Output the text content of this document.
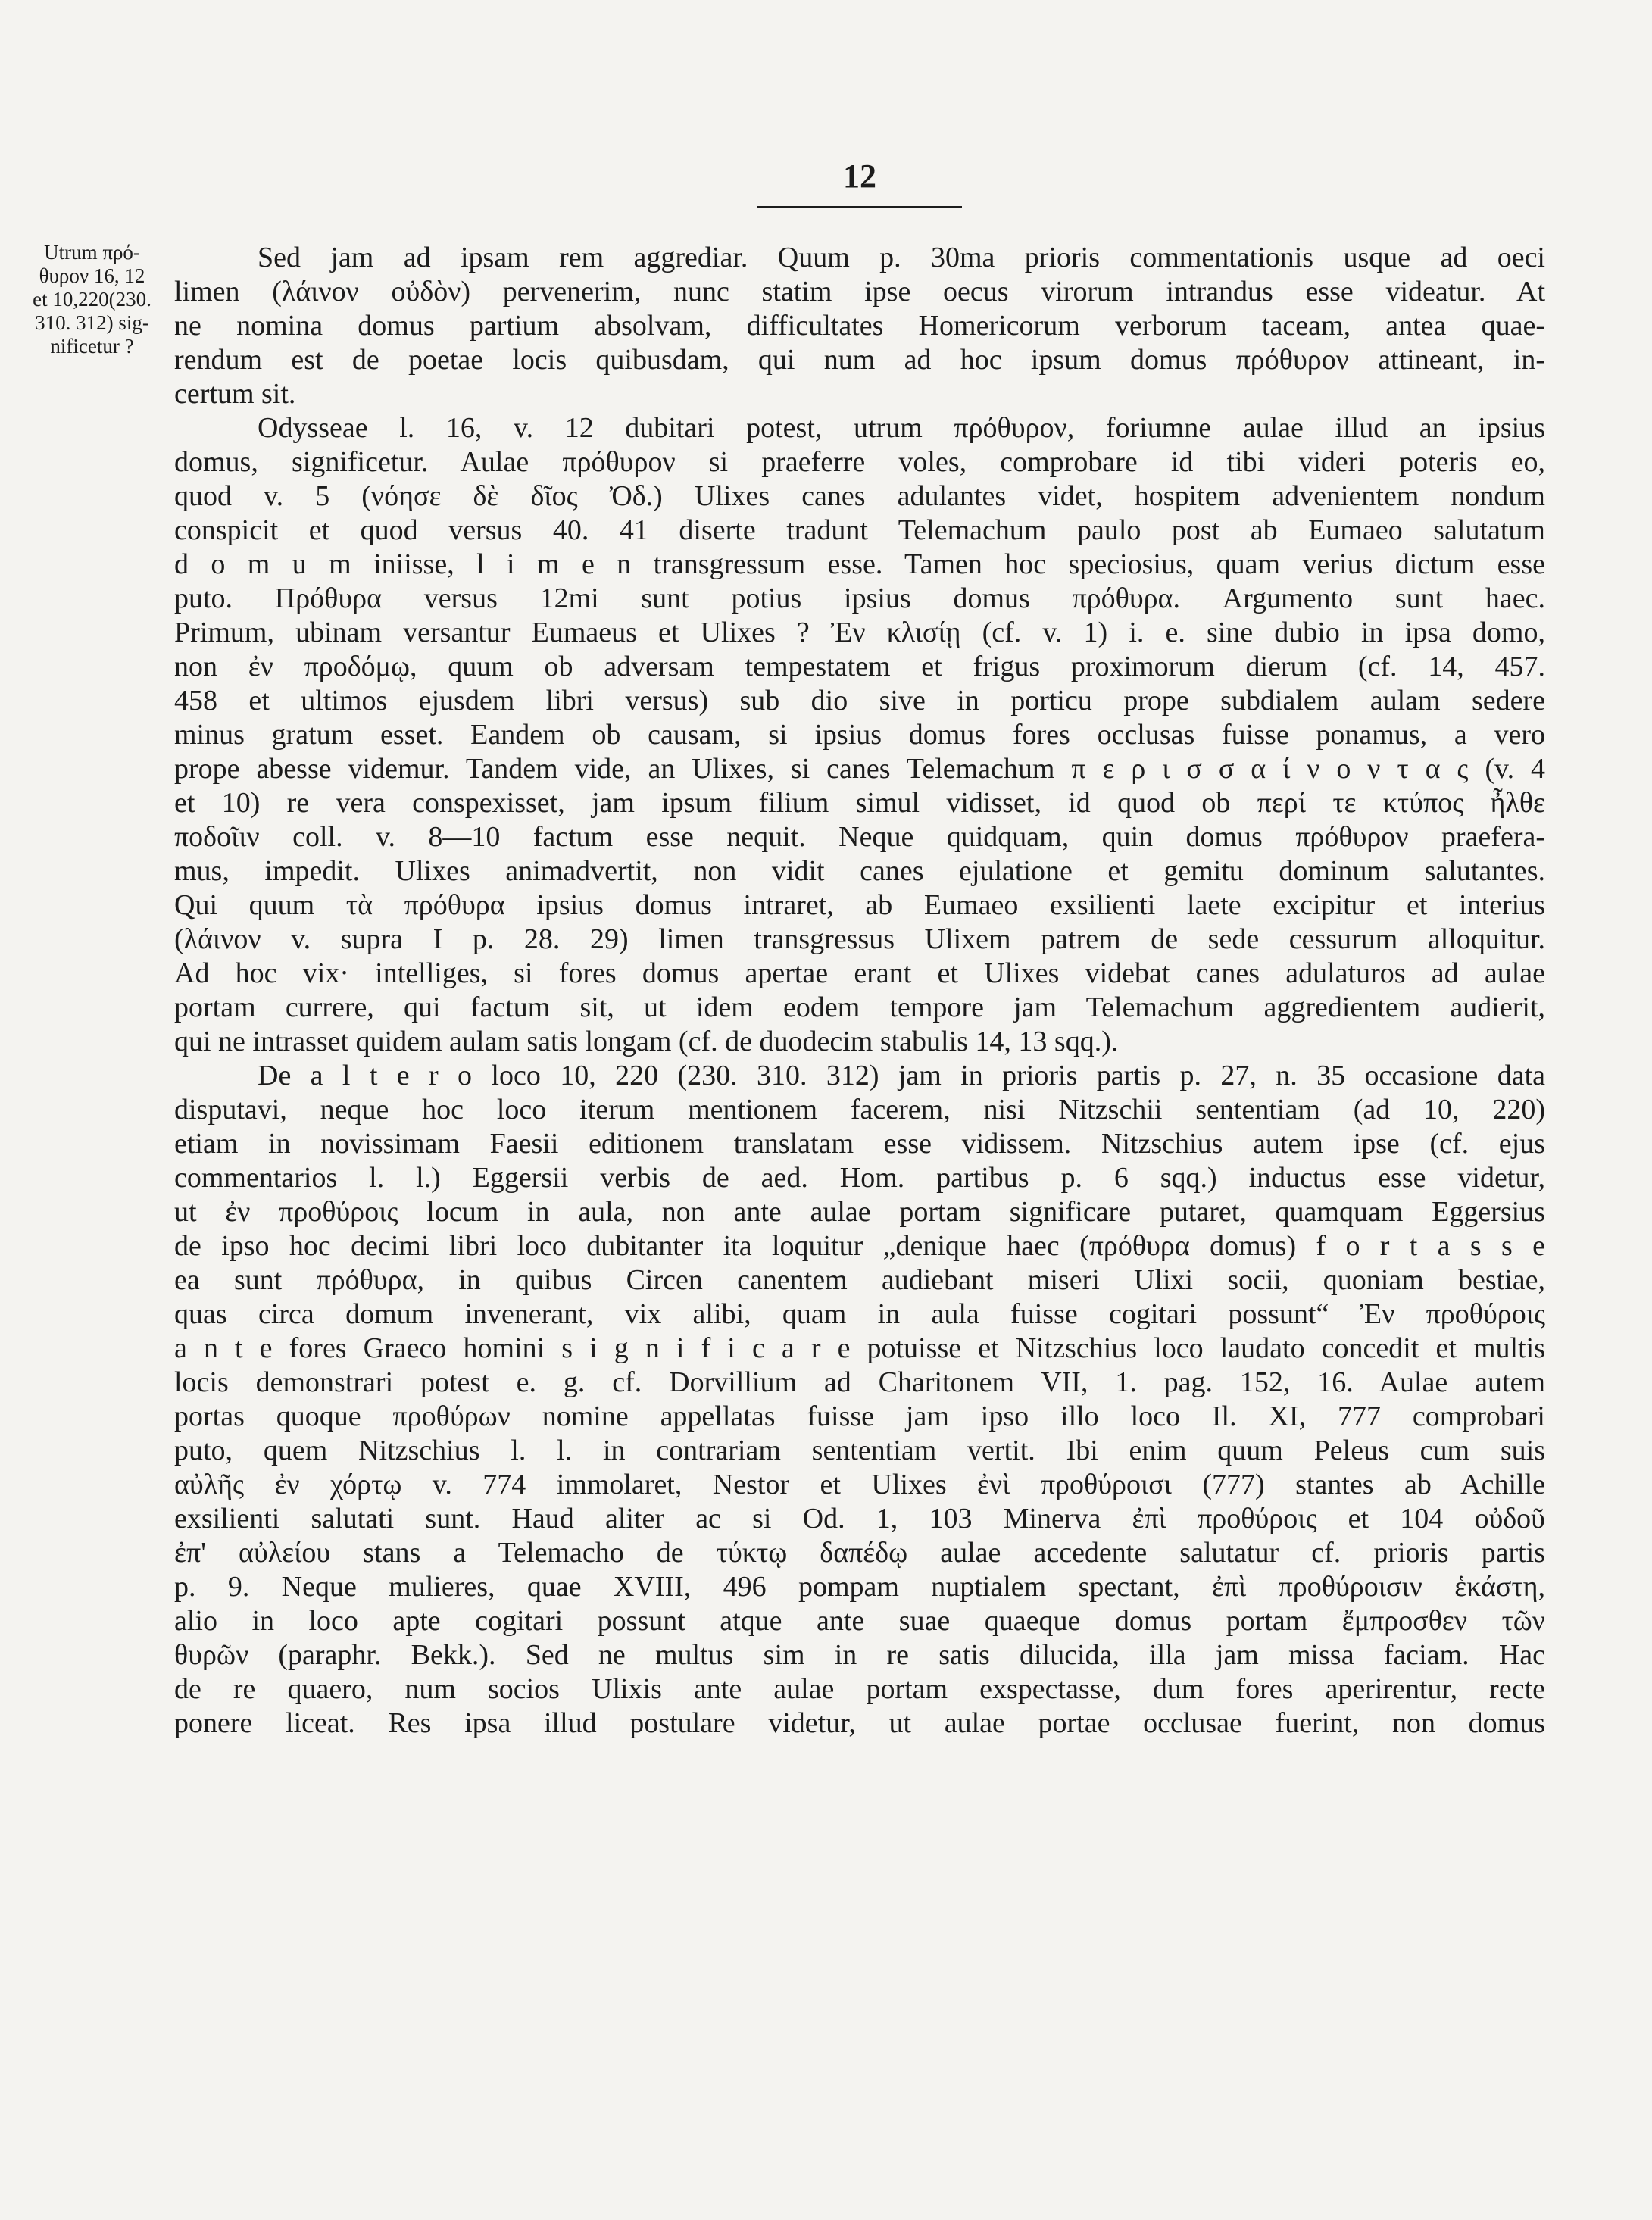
12
Utrum πρό-
θυρον 16, 12
et 10,220(230.
310. 312) sig-
nificetur ?
Sed jam ad ipsam rem aggrediar. Quum p. 30ma prioris commentationis usque ad oeci
limen (λάινον οὐδὸν) pervenerim, nunc statim ipse oecus virorum intrandus esse videatur. At
ne nomina domus partium absolvam, difficultates Homericorum verborum taceam, antea quae-
rendum est de poetae locis quibusdam, qui num ad hoc ipsum domus πρόθυρον attineant, in-
certum sit.
Odysseae l. 16, v. 12 dubitari potest, utrum πρόθυρον, foriumne aulae illud an ipsius
domus, significetur. Aulae πρόθυρον si praeferre voles, comprobare id tibi videri poteris eo,
quod v. 5 (νόησε δὲ δῖος Ὀδ.) Ulixes canes adulantes videt, hospitem advenientem nondum
conspicit et quod versus 40. 41 diserte tradunt Telemachum paulo post ab Eumaeo salutatum
d o m u m iniisse, l i m e n transgressum esse. Tamen hoc speciosius, quam verius dictum esse
puto. Πρόθυρα versus 12mi sunt potius ipsius domus πρόθυρα. Argumento sunt haec.
Primum, ubinam versantur Eumaeus et Ulixes ? Ἐν κλισίῃ (cf. v. 1) i. e. sine dubio in ipsa domo,
non ἐν προδόμῳ, quum ob adversam tempestatem et frigus proximorum dierum (cf. 14, 457.
458 et ultimos ejusdem libri versus) sub dio sive in porticu prope subdialem aulam sedere
minus gratum esset. Eandem ob causam, si ipsius domus fores occlusas fuisse ponamus, a vero
prope abesse videmur. Tandem vide, an Ulixes, si canes Telemachum π ε ρ ι σ σ α ί ν ο ν τ α ς (v. 4
et 10) re vera conspexisset, jam ipsum filium simul vidisset, id quod ob περί τε κτύπος ἦλθε
ποδοῖιν coll. v. 8—10 factum esse nequit. Neque quidquam, quin domus πρόθυρον praefera-
mus, impedit. Ulixes animadvertit, non vidit canes ejulatione et gemitu dominum salutantes.
Qui quum τὰ πρόθυρα ipsius domus intraret, ab Eumaeo exsilienti laete excipitur et interius
(λάινον v. supra I p. 28. 29) limen transgressus Ulixem patrem de sede cessurum alloquitur.
Ad hoc vix· intelliges, si fores domus apertae erant et Ulixes videbat canes adulaturos ad aulae
portam currere, qui factum sit, ut idem eodem tempore jam Telemachum aggredientem audierit,
qui ne intrasset quidem aulam satis longam (cf. de duodecim stabulis 14, 13 sqq.).
De a l t e r o loco 10, 220 (230. 310. 312) jam in prioris partis p. 27, n. 35 occasione data
disputavi, neque hoc loco iterum mentionem facerem, nisi Nitzschii sententiam (ad 10, 220)
etiam in novissimam Faesii editionem translatam esse vidissem. Nitzschius autem ipse (cf. ejus
commentarios l. l.) Eggersii verbis de aed. Hom. partibus p. 6 sqq.) inductus esse videtur,
ut ἐν προθύροις locum in aula, non ante aulae portam significare putaret, quamquam Eggersius
de ipso hoc decimi libri loco dubitanter ita loquitur „denique haec (πρόθυρα domus) f o r t a s s e
ea sunt πρόθυρα, in quibus Circen canentem audiebant miseri Ulixi socii, quoniam bestiae,
quas circa domum invenerant, vix alibi, quam in aula fuisse cogitari possunt“ Ἐν προθύροις
a n t e fores Graeco homini s i g n i f i c a r e potuisse et Nitzschius loco laudato concedit et multis
locis demonstrari potest e. g. cf. Dorvillium ad Charitonem VII, 1. pag. 152, 16. Aulae autem
portas quoque προθύρων nomine appellatas fuisse jam ipso illo loco Il. XI, 777 comprobari
puto, quem Nitzschius l. l. in contrariam sententiam vertit. Ibi enim quum Peleus cum suis
αὐλῆς ἐν χόρτῳ v. 774 immolaret, Nestor et Ulixes ἐνὶ προθύροισι (777) stantes ab Achille
exsilienti salutati sunt. Haud aliter ac si Od. 1, 103 Minerva ἐπὶ προθύροις et 104 οὐδοῦ
ἐπ' αὐλείου stans a Telemacho de τύκτῳ δαπέδῳ aulae accedente salutatur cf. prioris partis
p. 9. Neque mulieres, quae XVIII, 496 pompam nuptialem spectant, ἐπὶ προθύροισιν ἑκάστη,
alio in loco apte cogitari possunt atque ante suae quaeque domus portam ἔμπροσθεν τῶν
θυρῶν (paraphr. Bekk.). Sed ne multus sim in re satis dilucida, illa jam missa faciam. Hac
de re quaero, num socios Ulixis ante aulae portam exspectasse, dum fores aperirentur, recte
ponere liceat. Res ipsa illud postulare videtur, ut aulae portae occlusae fuerint, non domus
